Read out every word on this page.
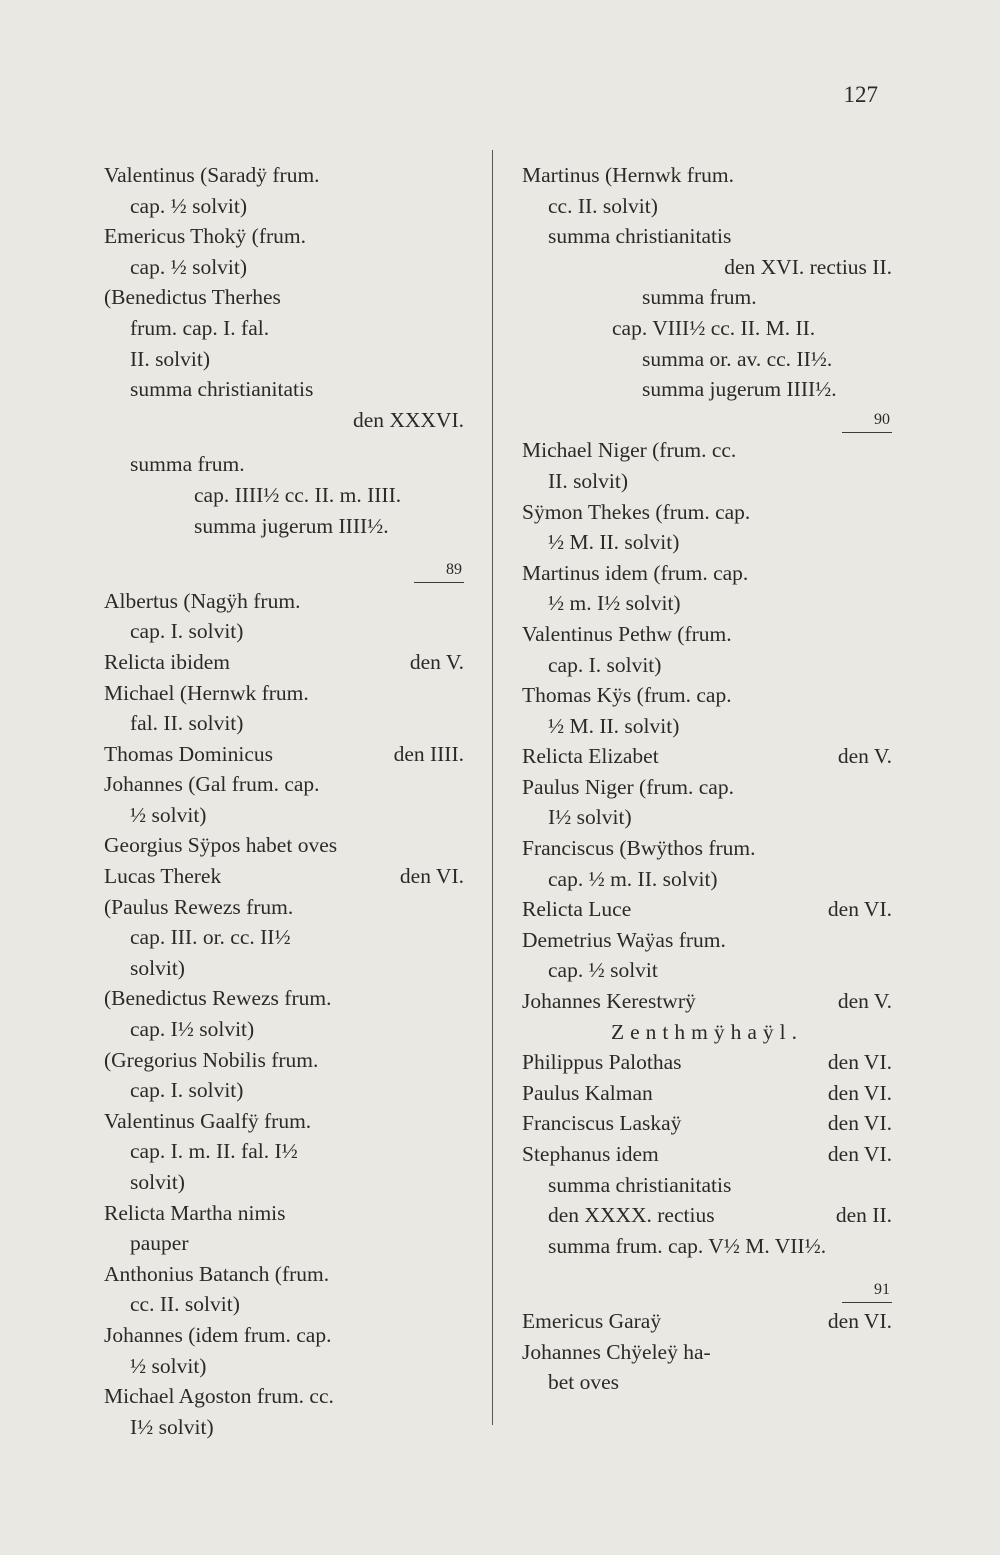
127
Valentinus (Saradÿ frum.
cap. ½ solvit)
Emericus Thokÿ (frum.
cap. ½ solvit)
(Benedictus Therhes
frum. cap. I. fal.
II. solvit)
summa christianitatis
den XXXVI.
summa frum.
cap. IIII½ cc. II. m. IIII.
summa jugerum IIII½.
89
Albertus (Nagÿh frum.
cap. I. solvit)
Relicta ibidem	den V.
Michael (Hernwk frum.
fal. II. solvit)
Thomas Dominicus	den IIII.
Johannes (Gal frum. cap.
½ solvit)
Georgius Sÿpos habet oves
Lucas Therek	den VI.
(Paulus Rewezs frum.
cap. III. or. cc. II½
solvit)
(Benedictus Rewezs frum.
cap. I½ solvit)
(Gregorius Nobilis frum.
cap. I. solvit)
Valentinus Gaalfÿ frum.
cap. I. m. II. fal. I½
solvit)
Relicta Martha nimis
pauper
Anthonius Batanch (frum.
cc. II. solvit)
Johannes (idem frum. cap.
½ solvit)
Michael Agoston frum. cc.
I½ solvit)
Martinus (Hernwk frum.
cc. II. solvit)
summa christianitatis
den XVI. rectius II.
summa frum.
cap. VIII½ cc. II. M. II.
summa or. av. cc. II½.
summa jugerum IIII½.
90
Michael Niger (frum. cc.
II. solvit)
Sÿmon Thekes (frum. cap.
½ M. II. solvit)
Martinus idem (frum. cap.
½ m. I½ solvit)
Valentinus Pethw (frum.
cap. I. solvit)
Thomas Kÿs (frum. cap.
½ M. II. solvit)
Relicta Elizabet	den V.
Paulus Niger (frum. cap.
I½ solvit)
Franciscus (Bwÿthos frum.
cap. ½ m. II. solvit)
Relicta Luce	den VI.
Demetrius Waÿas frum.
cap. ½ solvit
Johannes Kerestwrÿ	den V.
Zenthmÿhaÿl.
Philippus Palothas	den VI.
Paulus Kalman	den VI.
Franciscus Laskaÿ	den VI.
Stephanus idem	den VI.
summa christianitatis
den XXXX. rectius	den II.
summa frum. cap. V½ M. VII½.
91
Emericus Garaÿ	den VI.
Johannes Chÿeleÿ ha-
bet oves
